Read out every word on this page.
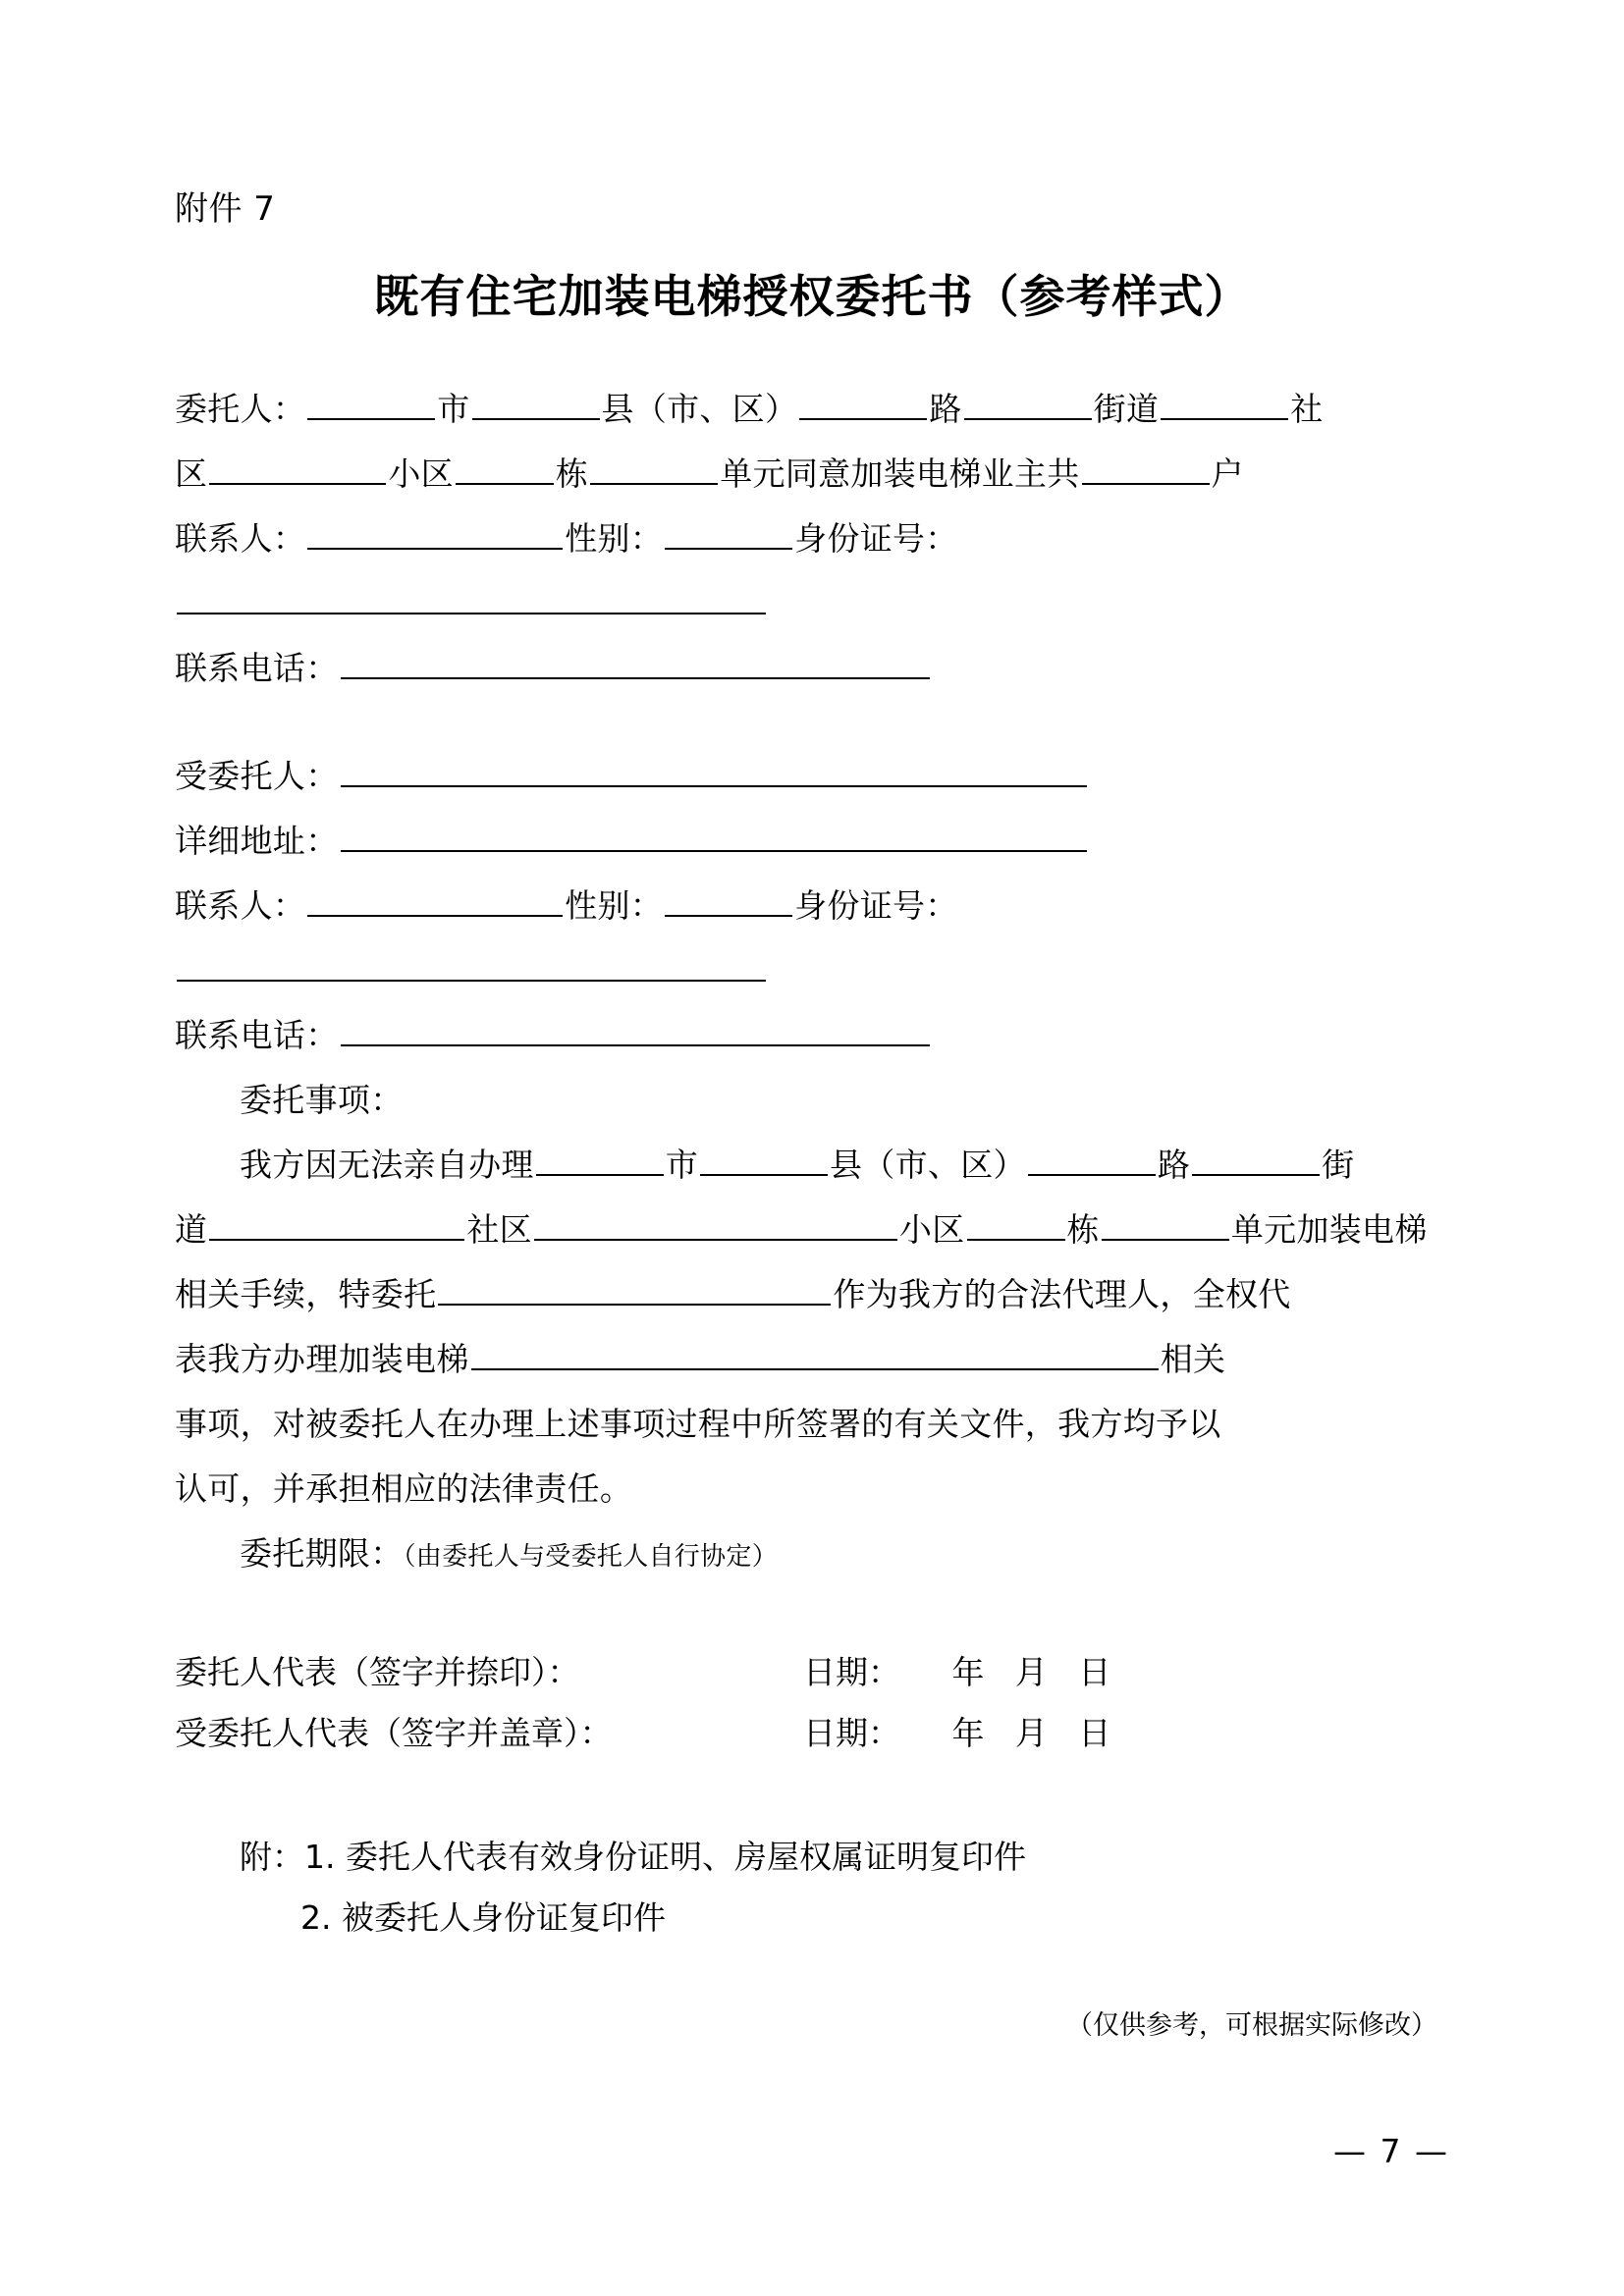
附件 7
既有住宅加装电梯授权委托书（参考样式）
委托人：	市	县（市、区）	路	街道	社
区	小区	栋	单元同意加装电梯业主共	户
联系人：	性别：	身份证号：
联系电话：
受委托人：
详细地址：
联系人：	性别：	身份证号：
联系电话：
委托事项：
我方因无法亲自办理	市	县（市、区）	路	街
道	社区	小区	栋	单元加装电梯
相关手续，特委托	作为我方的合法代理人，全权代
表我方办理加装电梯	相关
事项，对被委托人在办理上述事项过程中所签署的有关文件，我方均予以
认可，并承担相应的法律责任。
委托期限：（由委托人与受委托人自行协定）
委托人代表（签字并捺印）：	日期：     年   月   日
受委托人代表（签字并盖章）：	日期：     年   月   日
附：1. 委托人代表有效身份证明、房屋权属证明复印件
2. 被委托人身份证复印件
（仅供参考，可根据实际修改）
— 7 —
